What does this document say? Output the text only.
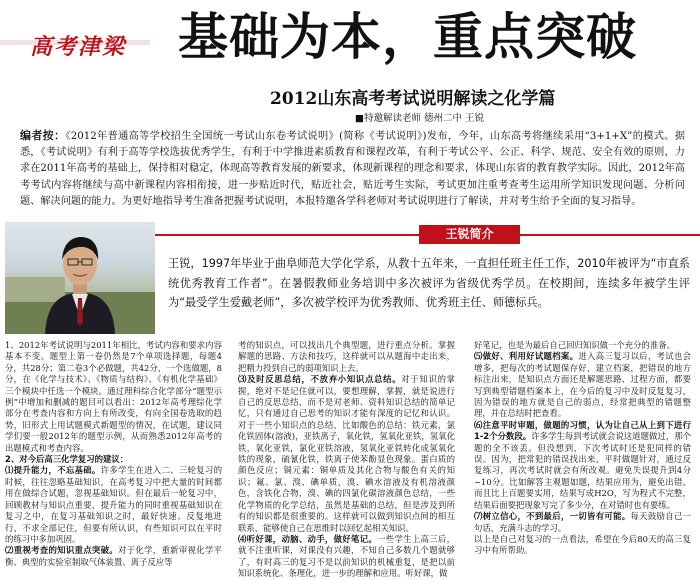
高考津梁 基础为本，重点突破
2012山东高考考试说明解读之化学篇
■特邀解读老师 德州二中 王锐
编者按：《2012年普通高等学校招生全国统一考试山东卷考试说明》(简称《考试说明》)发布，今年，山东高考将继续采用“3+1+X”的模式。据悉，《考试说明》有利于高等学校选拔优秀学生，有利于中学推进素质教育和课程改革，有利于考试公平、公正、科学、规范、安全有效的原则，力求在2011年高考的基础上，保持相对稳定，体现高等教育发展的新要求，体现新课程的理念和要求，体现山东省的教育教学实际。因此，2012年高考考试内容将继续与高中新课程内容相衔接，进一步贴近时代，贴近社会，贴近考生实际，考试更加注重考查考生运用所学知识发现问题、分析问题、解决问题的能力。为更好地指导考生准备把握考试说明，本报特邀各学科老师对考试说明进行了解读，并对考生给予全面的复习指导。
王锐简介
王锐，1997年毕业于曲阜师范大学化学系，从教十五年来，一直担任班主任工作，2010年被评为“市直系统优秀教育工作者”。在暑假教师业务培训中多次被评为省级优秀学员。在校期间，连续多年被学生评为“最受学生爱戴老师”，多次被学校评为优秀教师、优秀班主任、师德标兵。

1、2012年考试说明与2011年相比，考试内容和要求内容基本不变。题型上第一卷仍然是7个单项选择题，每题4分，共28分；第二卷3个必做题，共42分，一个选做题，8分，在《化学与技术》、《物质与结构》、《有机化学基础》三个模块中任选一个模块。通过理科综合化学部分“题型示例”中增加和删减的题目可以看出：2012年高考理综化学部分在考查内容和方向上有所改变，有向全国卷选取的趋势，旧形式上用试题模式新题型的情况，在试题，建议同学们要一般2012年的题型示例，从而熟悉2012年高考的出题模式和考查内容。

2、对今后高三化学复习的建议：

⑴提升能力，不忘基础。许多学生在进入二、三轮复习的时候，往往忽略基础知识，在高考复习中把大量的时间都用在做综合试题，忽视基础知识。但在最后一轮复习中，回顾教材与知识点重要，提升能力的同时重视基础知识在复习之中，在复习基础知识之时，最好快速、反复地进行，不求全部记住，但要有所认识，有些知识可以在平时的练习中多加巩固。

⑵重视考查的知识重点突破。对于化学，重新审视化学平衡、典型的实验室制取气体装置、离子反应等

考的知识点，可以找出几个典型题，进行重点分析。掌握解题的思路、方法和技巧，这样就可以从题海中走出来，把精力投到自己的弱项知识上去。

⑶及时反思总结，不放弃小知识点总结。对于知识的掌握，绝对不是记住就可以，要想理解，掌握，就是说进行自己的反思总结，而不是对老师、资料知识总结的简单记忆，只有通过自己思考的知识才能有深度的记忆和认识。对于一些小知识点的总结，比如酸色的总结：铁元素，氯化铁固体(溶液)，亚铁离子，氧化铁，氢氧化亚铁，氢氧化铁，氧化亚铁，氯化亚铁溶液，氢氧化亚铁转化成氢氧化铁的现象，硫氰化铁，铁离子使苯酚显色现象。蛋白质的颜色反应；铜元素：铜单质及其化合物与酸色有关的知识；氟、氯、溴、碘单质，溴、碘水溶液及有机溶液颜色，含铁化合物，溴、碘的四氯化碳溶液颜色总结，一些化学物质的化学总结，虽然是基础的总结，但是涉及到所有的知识都是很重要的。这样就可以做到知识点间的相互联系，能够使自己在思维时以回忆起相关知识。

⑷听好课，动脑、动手，做好笔记。一些学生上高三后，就不注重听课，对课没有兴趣，不知自己多数几个题就够了，有时高三的复习不是以前知识的机械重复，是把以前知识系统化、条理化，进一步的理解和应用。听好课，做

好笔记，也是为最后自己回归知识做一个充分的准备。

⑸做好、利用好试题档案。进入高三复习以后，考试也会增多，把每次的考试题保存好，建立档案，把错误的地方标注出来，是知识点方面还是解题思路、过程方面，都要写到典型错题档案本上，在今后的复习中及时反复复习，因为错误的地方就是自己的弱点，经常把典型的错题整理，并在总结时把查看。

⑹注意平时审题，做题的习惯，认为让自己从上到下进行1-2个分数段。许多学生每到考试就会说这道题做过，那个题的全不该丢。但没想到，下次考试时还是犯同样的错误。因为，把常犯的错误找出来，平时做题针对，通过反复练习，再次考试时就会有所改观。避免失误提升到4分~10分。比如解答主观题如题，结果应用为，避免出错。而且比上百题要实用，结果写成H2O，写为程式不完整，结果后面要把现象写完了多少分，在对错时也有要练。

⑺树立信心，不到最后，一切皆有可能。每天鼓励自己一句话，充满斗志的学习。

以上是自己对复习的一点看法，希望在今后80天的高三复习中有所帮助。
